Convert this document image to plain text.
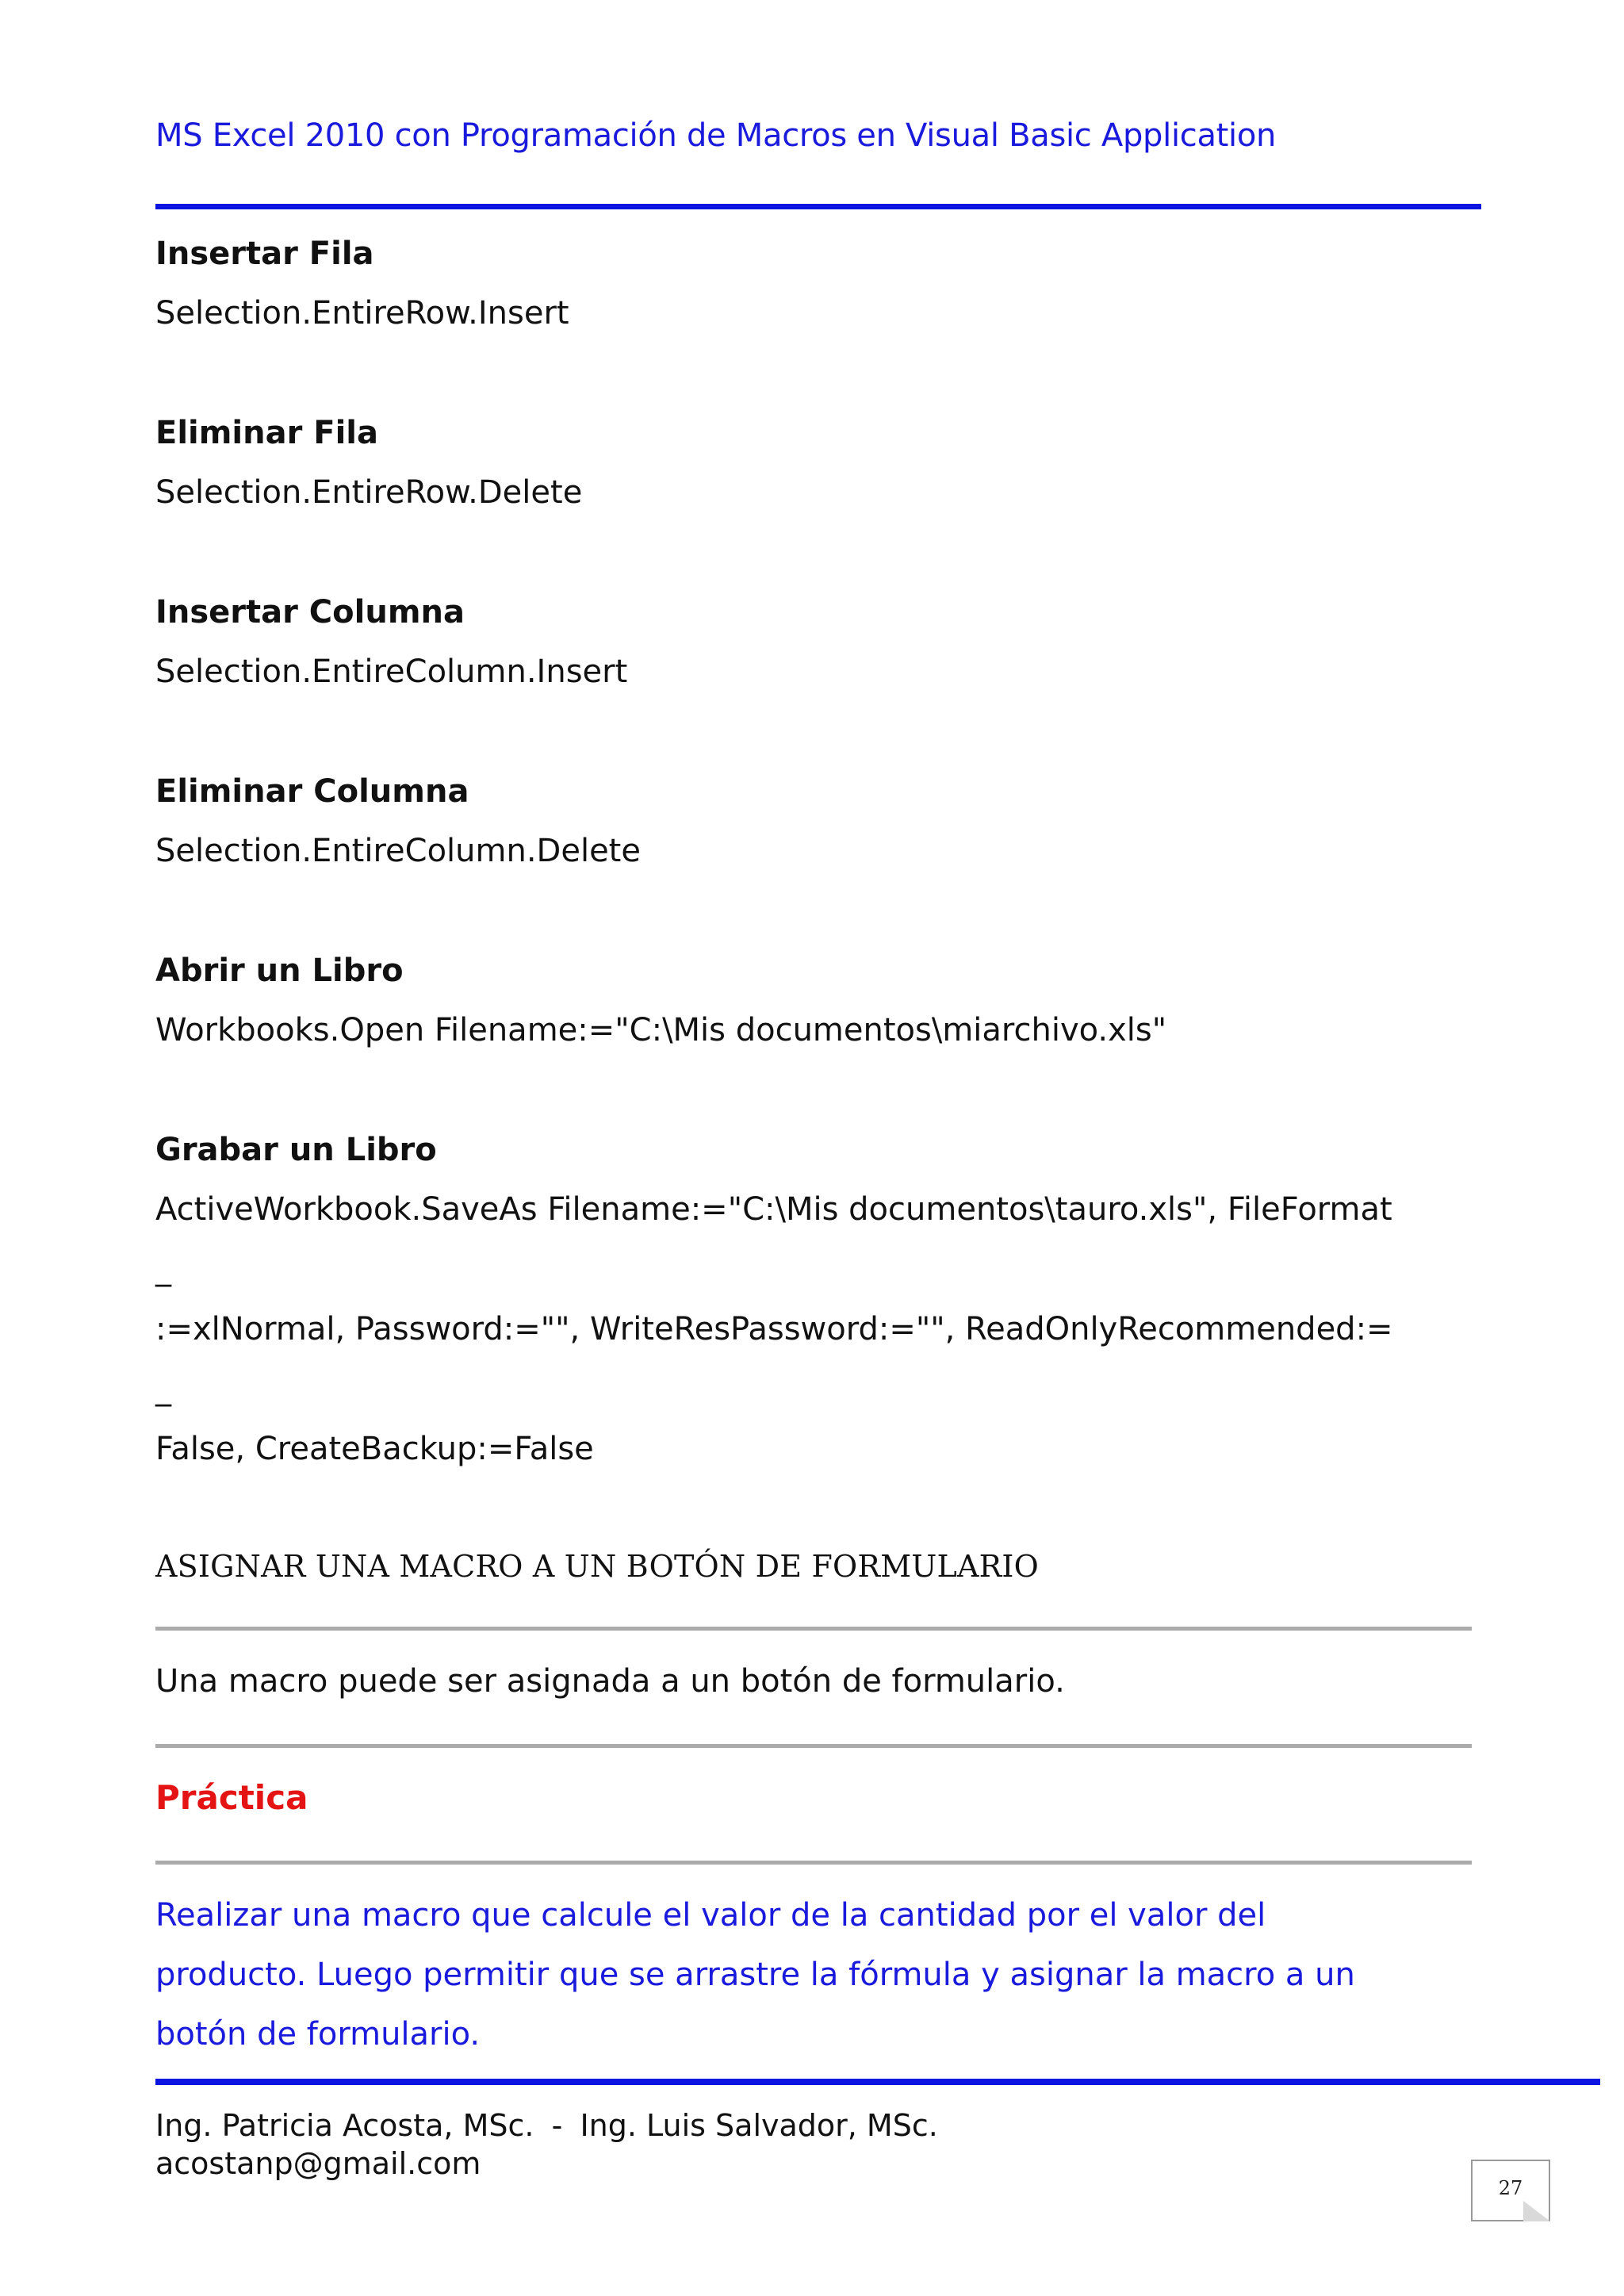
MS Excel 2010 con Programación de Macros en Visual Basic Application
Insertar Fila
Selection.EntireRow.Insert
Eliminar Fila
Selection.EntireRow.Delete
Insertar Columna
Selection.EntireColumn.Insert
Eliminar Columna
Selection.EntireColumn.Delete
Abrir un Libro
Workbooks.Open Filename:="C:\Mis documentos\miarchivo.xls"
Grabar un Libro
ActiveWorkbook.SaveAs Filename:="C:\Mis documentos\tauro.xls", FileFormat
_
:=xlNormal, Password:="", WriteResPassword:="", ReadOnlyRecommended:=
_
False, CreateBackup:=False
ASIGNAR UNA MACRO A UN BOTÓN DE FORMULARIO
Una macro puede ser asignada a un botón de formulario.
Práctica
Realizar una macro que calcule el valor de la cantidad por el valor del
producto. Luego permitir que se arrastre la fórmula y asignar la macro a un
botón de formulario.
Ing. Patricia Acosta, MSc. - Ing. Luis Salvador, MSc.
acostanp@gmail.com
27
